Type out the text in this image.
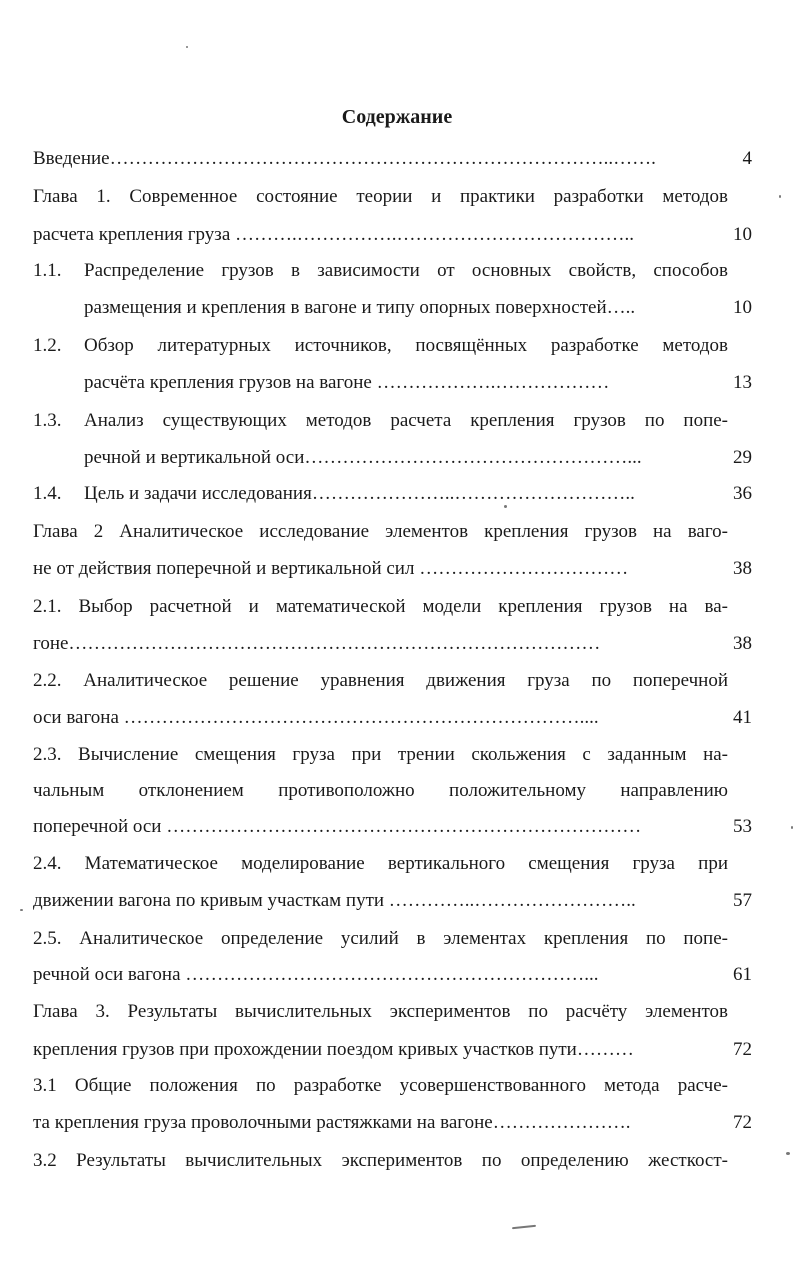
Содержание
Введение……………………………………………………………………..…….	4
Глава 1. Современное состояние теории и практики разработки методов
расчета крепления груза ……….…………….………………………………..	10
1.1. Распределение грузов в зависимости от основных свойств, способов
размещения и крепления в вагоне и типу опорных поверхностей…..	10
1.2. Обзор литературных источников, посвящённых разработке методов
расчёта крепления грузов на вагоне ……………….………………	13
1.3. Анализ существующих методов расчета крепления грузов по попе-
речной и вертикальной оси……………………………………………...	29
1.4. Цель и задачи исследования…………………..………………………..	36
Глава 2 Аналитическое исследование элементов крепления грузов на ваго-
не от действия поперечной и вертикальной сил ……………………………	38
2.1. Выбор расчетной и математической модели крепления грузов на ва-
гоне…………………………………………………………………………	38
2.2. Аналитическое решение уравнения движения груза по поперечной
оси вагона ………………………………………………………………....	41
2.3. Вычисление смещения груза при трении скольжения с заданным на-
чальным отклонением противоположно положительному направлению
поперечной оси …………………………………………………………………	53
2.4. Математическое моделирование вертикального смещения груза при
движении вагона по кривым участкам пути …………..……………………..	57
2.5. Аналитическое определение усилий в элементах крепления по попе-
речной оси вагона ………………………………………………………...	61
Глава 3. Результаты вычислительных экспериментов по расчёту элементов
крепления грузов при прохождении поездом кривых участков пути………	72
3.1 Общие положения по разработке усовершенствованного метода расче-
та крепления груза проволочными растяжками на вагоне………………….	72
3.2 Результаты вычислительных экспериментов по определению жесткост-
